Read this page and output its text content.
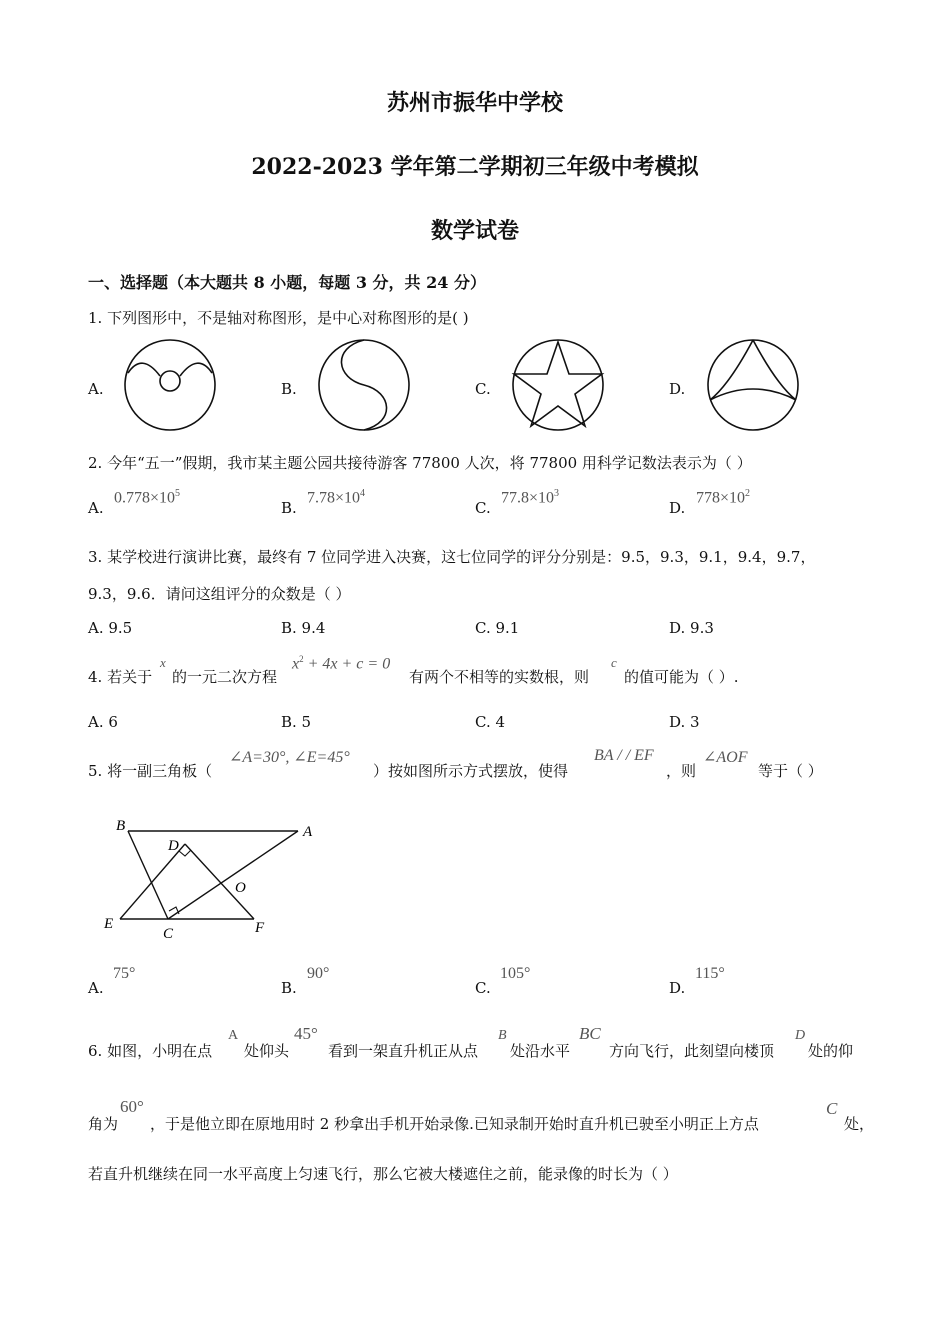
苏州市振华中学校
2022-2023 学年第二学期初三年级中考模拟
数学试卷
一、选择题（本大题共 8 小题，每题 3 分，共 24 分）
1. 下列图形中，不是轴对称图形，是中心对称图形的是( )
A.	B.	C.	D.
2. 今年“五一”假期，我市某主题公园共接待游客 77800 人次，将 77800 用科学记数法表示为（ ）
A.
$0.778\times 10^5$
B.
$7.78\times 10^4$
C.
$77.8\times 10^3$
D.
$778\times 10^2$
3. 某学校进行演讲比赛，最终有 7 位同学进入决赛，这七位同学的评分分别是：9.5，9.3，9.1，9.4，9.7，
9.3，9.6．请问这组评分的众数是（ ）
A. 9.5	B. 9.4	C. 9.1	D. 9.3
4. 若关于
x
的一元二次方程
$x^2 + 4x + c = 0$
有两个不相等的实数根，则
c
的值可能为（ ）.
A. 6	B. 5	C. 4	D. 3
5. 将一副三角板（
∠A=30°, ∠E=45°
）按如图所示方式摆放，使得
BA / / EF
，则
∠AOF
等于（ ）
B	A
D
O
E
C	F
A.
75°
B.
90°
C.
105°
D.
115°
6. 如图，小明在点
A
处仰头
45°
看到一架直升机正从点
B
处沿水平
BC
方向飞行，此刻望向楼顶
D
处的仰
角为
60°
，于是他立即在原地用时 2 秒拿出手机开始录像.已知录制开始时直升机已驶至小明正上方点
C
处，
若直升机继续在同一水平高度上匀速飞行，那么它被大楼遮住之前，能录像的时长为（ ）
